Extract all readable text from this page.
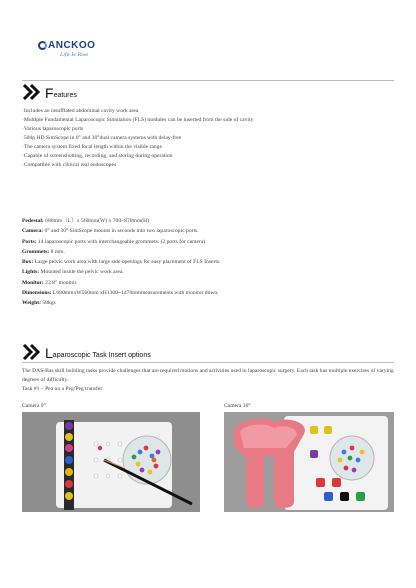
ANCKOO
Life Is Rise
F eatures
·Includes an insufflated abdominal cavity work area
·Multiple Fundamental Laparoscopic Simulation (FLS) modules can be inserted from the side of cavity
·Various laparoscopic ports
·500p HD SimScope in 0° and 30°dual camera systems with delay-free
·The camera system fixed focal length within the visible range
·Capable of screenshotting, recording, and storing during operation
·Compatible with clinical real endoscopes
Pedestal: 680mm（L）x 560mm(W) x 700~870mm(H)
Camera: 0° and 30° SimScope mounts in seconds into two laparoscopic ports.
Ports: 14 laparoscopic ports with interchangeable grommets. (2 ports for camera)
Grommets: 8 mm.
Box: Large pelvic work area with large side openings for easy placement of FLS Inserts.
Lights: Mounted inside the pelvic work area.
Monitor: 23.8" monitor.
Dimensions: L680mmxW560mm xH1300~1470mmmeasurements with monitor down.
Weight: 58kgs
L aparoscopic Task Insert options
The DAS-Bas skill building tasks provide challenges that are required motions and activities used in laparoscopic surgery. Each task has multiple exercises of varying degrees of difficulty.
Task #1 – Pea on a Peg/Peg transfer
Camera 0°	Camera 30°
